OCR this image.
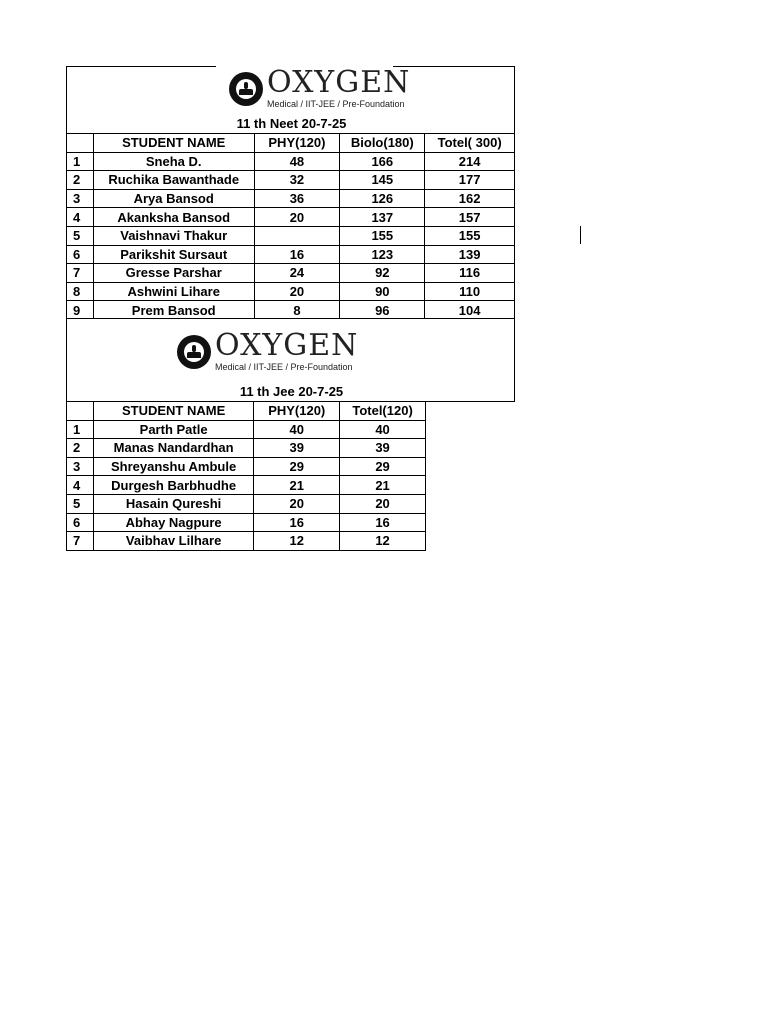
OXYGEN
Medical / IIT-JEE / Pre-Foundation
11 th Neet 20-7-25
	STUDENT NAME	PHY(120)	Biolo(180)	Totel( 300)
1	Sneha D.	48	166	214
2	Ruchika Bawanthade	32	145	177
3	Arya Bansod	36	126	162
4	Akanksha Bansod	20	137	157
5	Vaishnavi Thakur		155	155
6	Parikshit Sursaut	16	123	139
7	Gresse Parshar	24	92	116
8	Ashwini Lihare	20	90	110
9	Prem Bansod	8	96	104
OXYGEN
Medical / IIT-JEE / Pre-Foundation
11 th Jee 20-7-25
	STUDENT NAME	PHY(120)	Totel(120)
1	Parth Patle	40	40
2	Manas Nandardhan	39	39
3	Shreyanshu Ambule	29	29
4	Durgesh Barbhudhe	21	21
5	Hasain Qureshi	20	20
6	Abhay Nagpure	16	16
7	Vaibhav Lilhare	12	12
